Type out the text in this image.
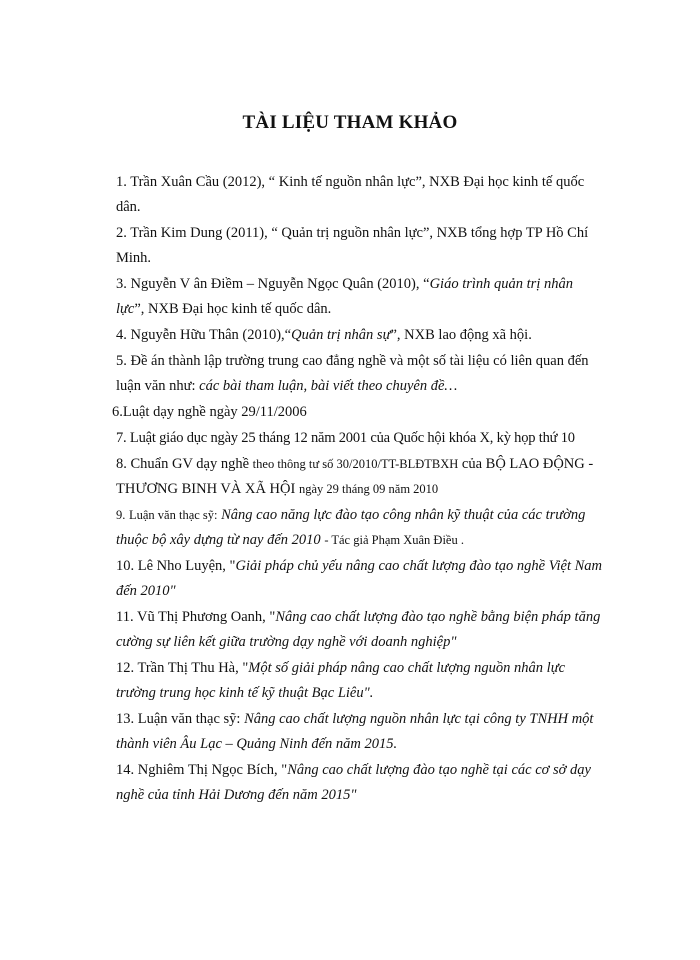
TÀI LIỆU THAM KHẢO
1. Trần Xuân Cầu (2012), “ Kinh tế nguồn nhân lực”, NXB Đại học kinh tế quốc
dân.
2. Trần Kim Dung (2011), “ Quản trị nguồn nhân lực”, NXB tổng hợp TP Hồ Chí
Minh.
3. Nguyễn V ân Điềm – Nguyễn Ngọc Quân (2010), “Giáo trình quản trị nhân
lực”, NXB Đại học kinh tế quốc dân.
4. Nguyễn Hữu Thân (2010),“Quản trị nhân sự”, NXB lao động xã hội.
5. Đề án thành lập trường trung cao đẳng nghề và một số tài liệu có liên quan đến
luận văn như: các bài tham luận, bài viết theo chuyên đề…
6.Luật dạy nghề ngày 29/11/2006
7. Luật giáo dục ngày 25 tháng 12 năm 2001 của Quốc hội khóa X, kỳ họp thứ 10
8. Chuẩn GV dạy nghề theo thông tư số 30/2010/TT-BLĐTBXH của BỘ LAO ĐỘNG -
THƯƠNG BINH VÀ XÃ HỘI ngày 29 tháng 09 năm 2010
9. Luận văn thạc sỹ: Nâng cao năng lực đào tạo công nhân kỹ thuật của các trường
thuộc bộ xây dựng từ nay đến 2010 - Tác giả Phạm Xuân Điều .
10. Lê Nho Luyện, "Giải pháp chủ yếu nâng cao chất lượng đào tạo nghề Việt Nam
đến 2010"
11. Vũ Thị Phương Oanh, "Nâng cao chất lượng đào tạo nghề bằng biện pháp tăng
cường sự liên kết giữa trường dạy nghề với doanh nghiệp"
12. Trần Thị Thu Hà, "Một số giải pháp nâng cao chất lượng nguồn nhân lực
trường trung học kinh tế kỹ thuật Bạc Liêu".
13. Luận văn thạc sỹ: Nâng cao chất lượng nguồn nhân lực tại công ty TNHH một
thành viên Âu Lạc – Quảng Ninh đến năm 2015.
14. Nghiêm Thị Ngọc Bích, "Nâng cao chất lượng đào tạo nghề tại các cơ sở dạy
nghề của tỉnh Hải Dương đến năm 2015"
